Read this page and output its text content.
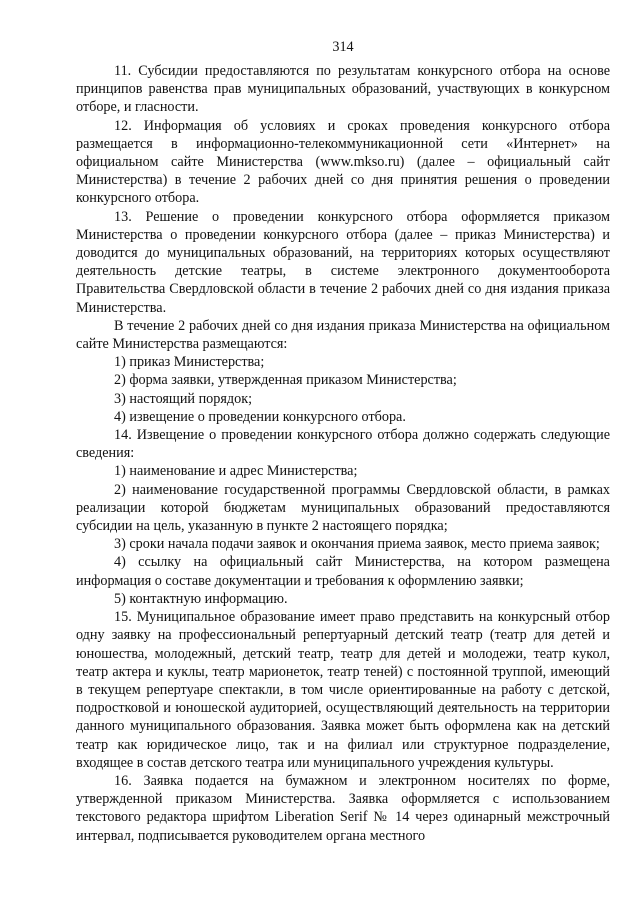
314

11. Субсидии предоставляются по результатам конкурсного отбора на основе принципов равенства прав муниципальных образований, участвующих в конкурсном отборе, и гласности.

12. Информация об условиях и сроках проведения конкурсного отбора размещается в информационно-телекоммуникационной сети «Интернет» на официальном сайте Министерства (www.mkso.ru) (далее – официальный сайт Министерства) в течение 2 рабочих дней со дня принятия решения о проведении конкурсного отбора.

13. Решение о проведении конкурсного отбора оформляется приказом Министерства о проведении конкурсного отбора (далее – приказ Министерства) и доводится до муниципальных образований, на территориях которых осуществляют деятельность детские театры, в системе электронного документооборота Правительства Свердловской области в течение 2 рабочих дней со дня издания приказа Министерства.

В течение 2 рабочих дней со дня издания приказа Министерства на официальном сайте Министерства размещаются:

1) приказ Министерства;

2) форма заявки, утвержденная приказом Министерства;

3) настоящий порядок;

4) извещение о проведении конкурсного отбора.

14. Извещение о проведении конкурсного отбора должно содержать следующие сведения:

1) наименование и адрес Министерства;

2) наименование государственной программы Свердловской области, в рамках реализации которой бюджетам муниципальных образований предоставляются субсидии на цель, указанную в пункте 2 настоящего порядка;

3) сроки начала подачи заявок и окончания приема заявок, место приема заявок;

4) ссылку на официальный сайт Министерства, на котором размещена информация о составе документации и требования к оформлению заявки;

5) контактную информацию.

15. Муниципальное образование имеет право представить на конкурсный отбор одну заявку на профессиональный репертуарный детский театр (театр для детей и юношества, молодежный, детский театр, театр для детей и молодежи, театр кукол, театр актера и куклы, театр марионеток, театр теней) с постоянной труппой, имеющий в текущем репертуаре спектакли, в том числе ориентированные на работу с детской, подростковой и юношеской аудиторией, осуществляющий деятельность на территории данного муниципального образования. Заявка может быть оформлена как на детский театр как юридическое лицо, так и на филиал или структурное подразделение, входящее в состав детского театра или муниципального учреждения культуры.

16. Заявка подается на бумажном и электронном носителях по форме, утвержденной приказом Министерства. Заявка оформляется с использованием текстового редактора шрифтом Liberation Serif № 14 через одинарный межстрочный интервал, подписывается руководителем органа местного
